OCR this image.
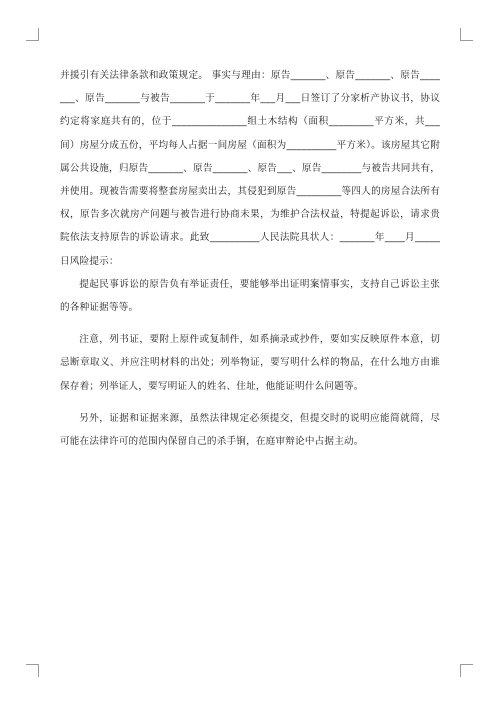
并援引有关法律条款和政策规定。 事实与理由：原告_______、原告_______、原告_______、原告_______与被告_______于_______年___月___日签订了分家析产协议书，协议约定将家庭共有的，位于_______________组土木结构（面积_________平方米，共___间）房屋分成五份，平均每人占据一间房屋（面积为__________平方米）。该房屋其它附属公共设施，归原告_______、原告_______、原告___、原告________与被告共同共有，并使用。现被告需要将整套房屋卖出去，其侵犯到原告_________等四人的房屋合法所有权，原告多次就房产问题与被告进行协商未果，为维护合法权益，特提起诉讼，请求贵院依法支持原告的诉讼请求。此致__________人民法院具状人：_______年____月_____日风险提示：

提起民事诉讼的原告负有举证责任，要能够举出证明案情事实，支持自己诉讼主张的各种证据等等。

注意，列书证，要附上原件或复制件，如系摘录或抄件，要如实反映原件本意，切忌断章取义、并应注明材料的出处；列举物证，要写明什么样的物品，在什么地方由谁保存着；列举证人，要写明证人的姓名、住址，他能证明什么问题等。

另外，证据和证据来源，虽然法律规定必须提交，但提交时的说明应能简就简，尽可能在法律许可的范围内保留自己的杀手锏，在庭审辩论中占据主动。
